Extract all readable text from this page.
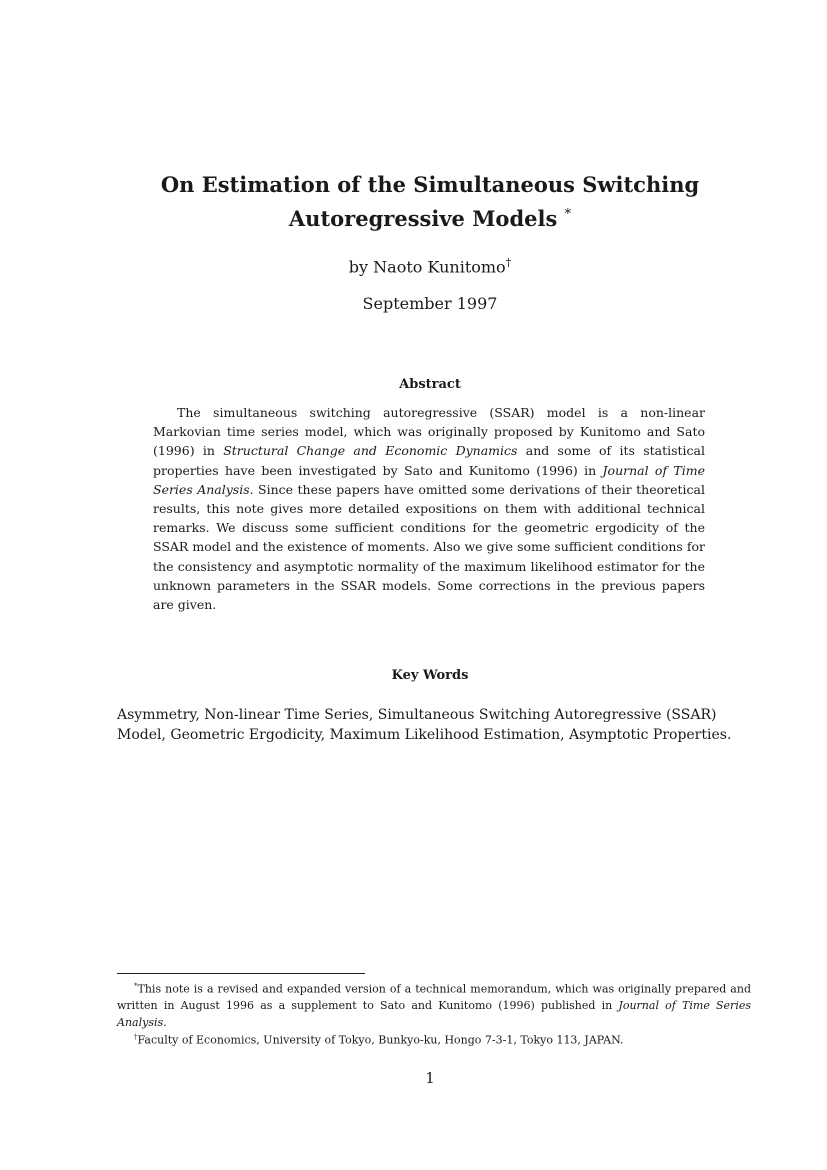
On Estimation of the Simultaneous Switching
Autoregressive Models *
by Naoto Kunitomo†
September 1997
Abstract

The simultaneous switching autoregressive (SSAR) model is a non-linear Markovian time series model, which was originally proposed by Kunitomo and Sato (1996) in Structural Change and Economic Dynamics and some of its statistical properties have been investigated by Sato and Kunitomo (1996) in Journal of Time Series Analysis. Since these papers have omitted some derivations of their theoretical results, this note gives more detailed expositions on them with additional technical remarks. We discuss some sufficient conditions for the geometric ergodicity of the SSAR model and the existence of moments. Also we give some sufficient conditions for the consistency and asymptotic normality of the maximum likelihood estimator for the unknown parameters in the SSAR models. Some corrections in the previous papers are given.

Key Words

Asymmetry, Non-linear Time Series, Simultaneous Switching Autoregressive (SSAR) Model, Geometric Ergodicity, Maximum Likelihood Estimation, Asymptotic Properties.

*This note is a revised and expanded version of a technical memorandum, which was originally prepared and written in August 1996 as a supplement to Sato and Kunitomo (1996) published in Journal of Time Series Analysis.

†Faculty of Economics, University of Tokyo, Bunkyo-ku, Hongo 7-3-1, Tokyo 113, JAPAN.

1
